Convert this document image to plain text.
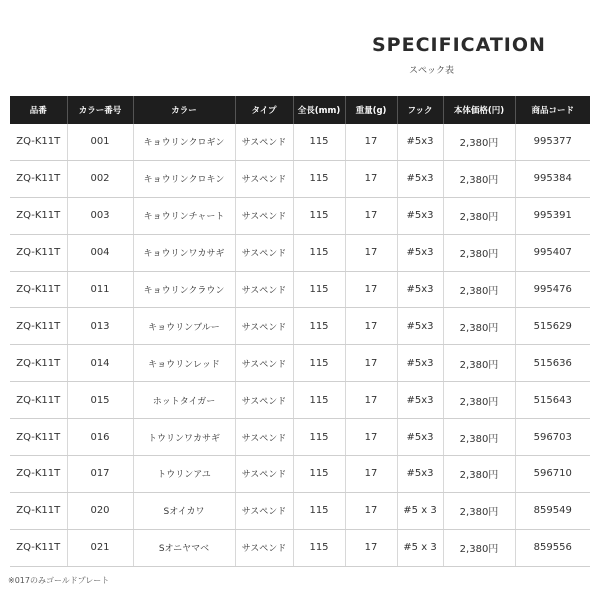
SPECIFICATION
スペック表
品番	カラー番号	カラー	タイプ	全長(mm)	重量(g)	フック	本体価格(円)	商品コード
ZQ-K11T	001	キョウリンクロギン	サスペンド	115	17	#5x3	2,380円	995377
ZQ-K11T	002	キョウリンクロキン	サスペンド	115	17	#5x3	2,380円	995384
ZQ-K11T	003	キョウリンチャート	サスペンド	115	17	#5x3	2,380円	995391
ZQ-K11T	004	キョウリンワカサギ	サスペンド	115	17	#5x3	2,380円	995407
ZQ-K11T	011	キョウリンクラウン	サスペンド	115	17	#5x3	2,380円	995476
ZQ-K11T	013	キョウリンブルー	サスペンド	115	17	#5x3	2,380円	515629
ZQ-K11T	014	キョウリンレッド	サスペンド	115	17	#5x3	2,380円	515636
ZQ-K11T	015	ホットタイガー	サスペンド	115	17	#5x3	2,380円	515643
ZQ-K11T	016	トウリンワカサギ	サスペンド	115	17	#5x3	2,380円	596703
ZQ-K11T	017	トウリンアユ	サスペンド	115	17	#5x3	2,380円	596710
ZQ-K11T	020	Sオイカワ	サスペンド	115	17	#5 x 3	2,380円	859549
ZQ-K11T	021	Sオニヤマベ	サスペンド	115	17	#5 x 3	2,380円	859556
※017のみゴールドプレート
